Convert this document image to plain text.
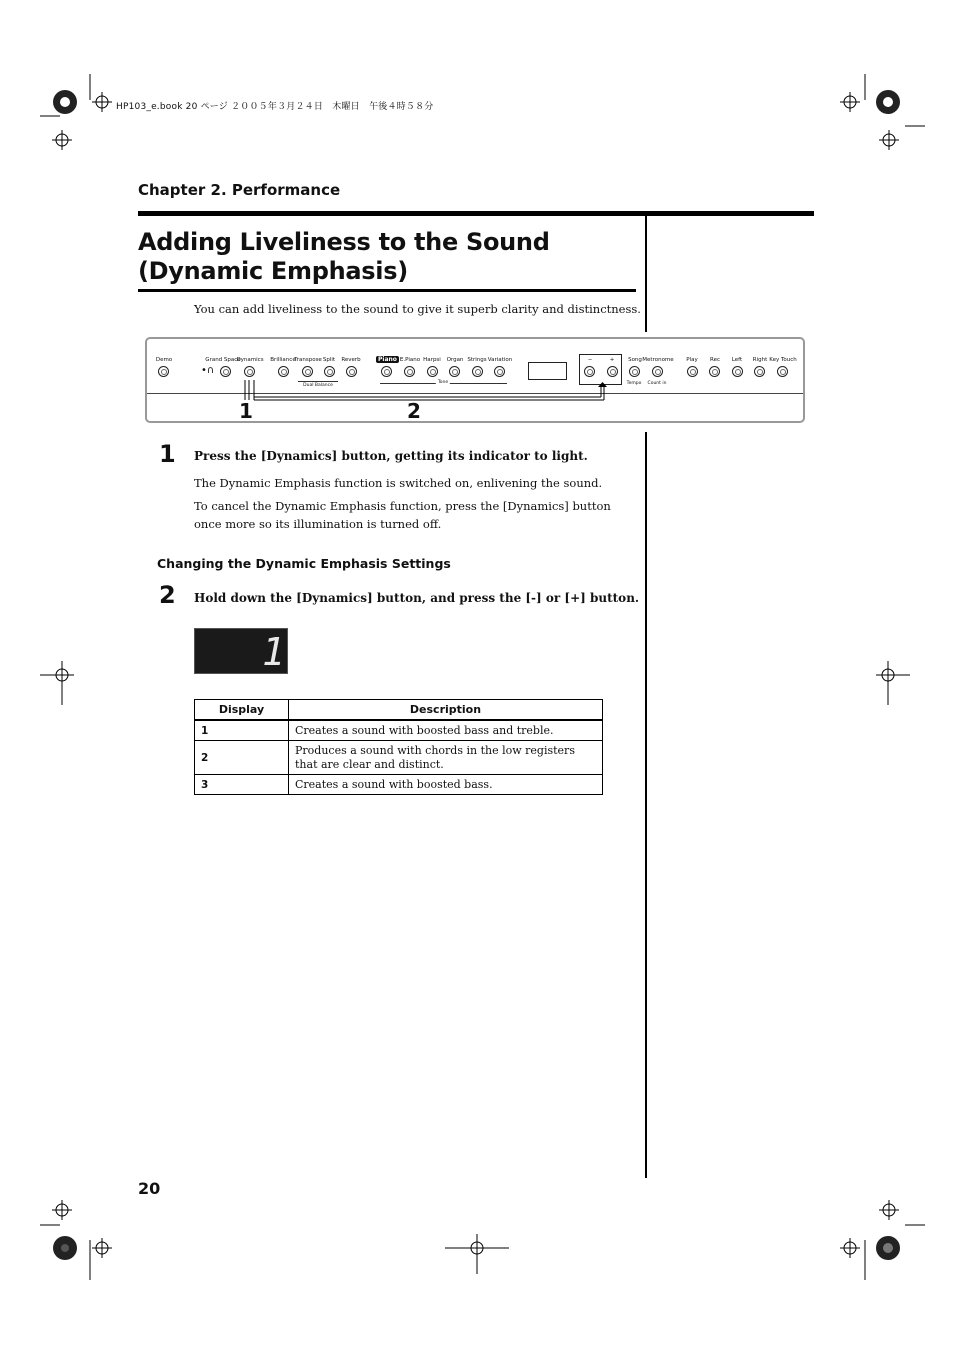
HP103_e.book 20 ページ ２００５年３月２４日　木曜日　午後４時５８分
Chapter 2. Performance
Adding Liveliness to the Sound
(Dynamic Emphasis)
You can add liveliness to the sound to give it superb clarity and distinctness.
Demo	Grand Space
Dynamics Brilliance
Transpose Split Reverb	Piano E.Piano Harpsi Organ Strings Variation	−	+	Song Metronome Play Rec Left Right Key Touch
•∩
Tempo Count in
Dual Balance
Tone
1	2
1 Press the [Dynamics] button, getting its indicator to light.
The Dynamic Emphasis function is switched on, enlivening the sound.
To cancel the Dynamic Emphasis function, press the [Dynamics] button once more so its illumination is turned off.
Changing the Dynamic Emphasis Settings
2 Hold down the [Dynamics] button, and press the [-] or [+] button.
1
Display	Description
1	Creates a sound with boosted bass and treble.
2	Produces a sound with chords in the low registers that are clear and distinct.
3	Creates a sound with boosted bass.
20
